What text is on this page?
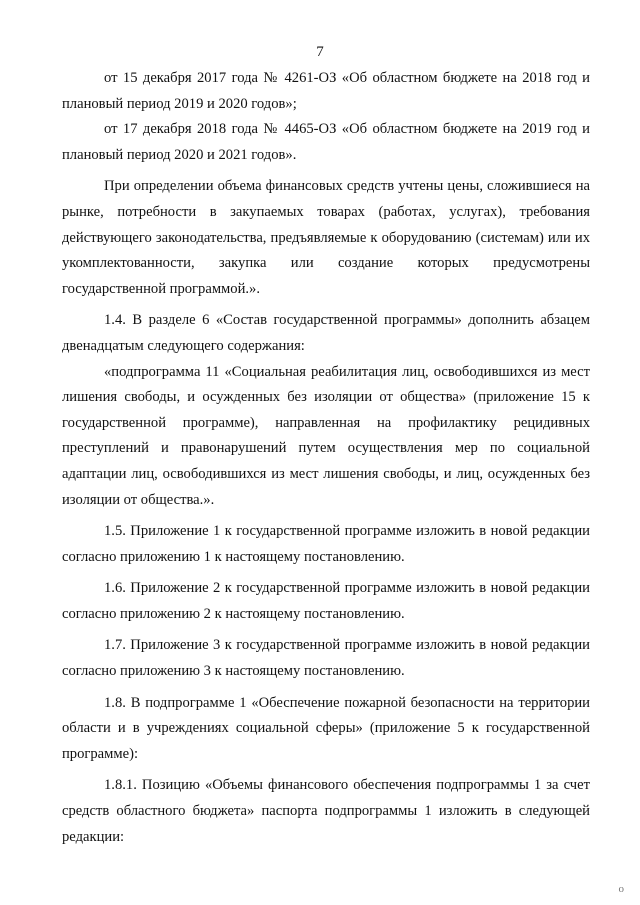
7

от 15 декабря 2017 года № 4261-ОЗ «Об областном бюджете на 2018 год и плановый период 2019 и 2020 годов»;

от 17 декабря 2018 года № 4465-ОЗ «Об областном бюджете на 2019 год и плановый период 2020 и 2021 годов».

При определении объема финансовых средств учтены цены, сложившиеся на рынке, потребности в закупаемых товарах (работах, услугах), требования действующего законодательства, предъявляемые к оборудованию (системам) или их укомплектованности, закупка или создание которых предусмотрены государственной программой.».

1.4. В разделе 6 «Состав государственной программы» дополнить абзацем двенадцатым следующего содержания:

«подпрограмма 11 «Социальная реабилитация лиц, освободившихся из мест лишения свободы, и осужденных без изоляции от общества» (приложение 15 к государственной программе), направленная на профилактику рецидивных преступлений и правонарушений путем осуществления мер по социальной адаптации лиц, освободившихся из мест лишения свободы, и лиц, осужденных без изоляции от общества.».

1.5. Приложение 1 к государственной программе изложить в новой редакции согласно приложению 1 к настоящему постановлению.

1.6. Приложение 2 к государственной программе изложить в новой редакции согласно приложению 2 к настоящему постановлению.

1.7. Приложение 3 к государственной программе изложить в новой редакции согласно приложению 3 к настоящему постановлению.

1.8. В подпрограмме 1 «Обеспечение пожарной безопасности на территории области и в учреждениях социальной сферы» (приложение 5 к государственной программе):

1.8.1. Позицию «Объемы финансового обеспечения подпрограммы 1 за счет средств областного бюджета» паспорта подпрограммы 1 изложить в следующей редакции:

о
